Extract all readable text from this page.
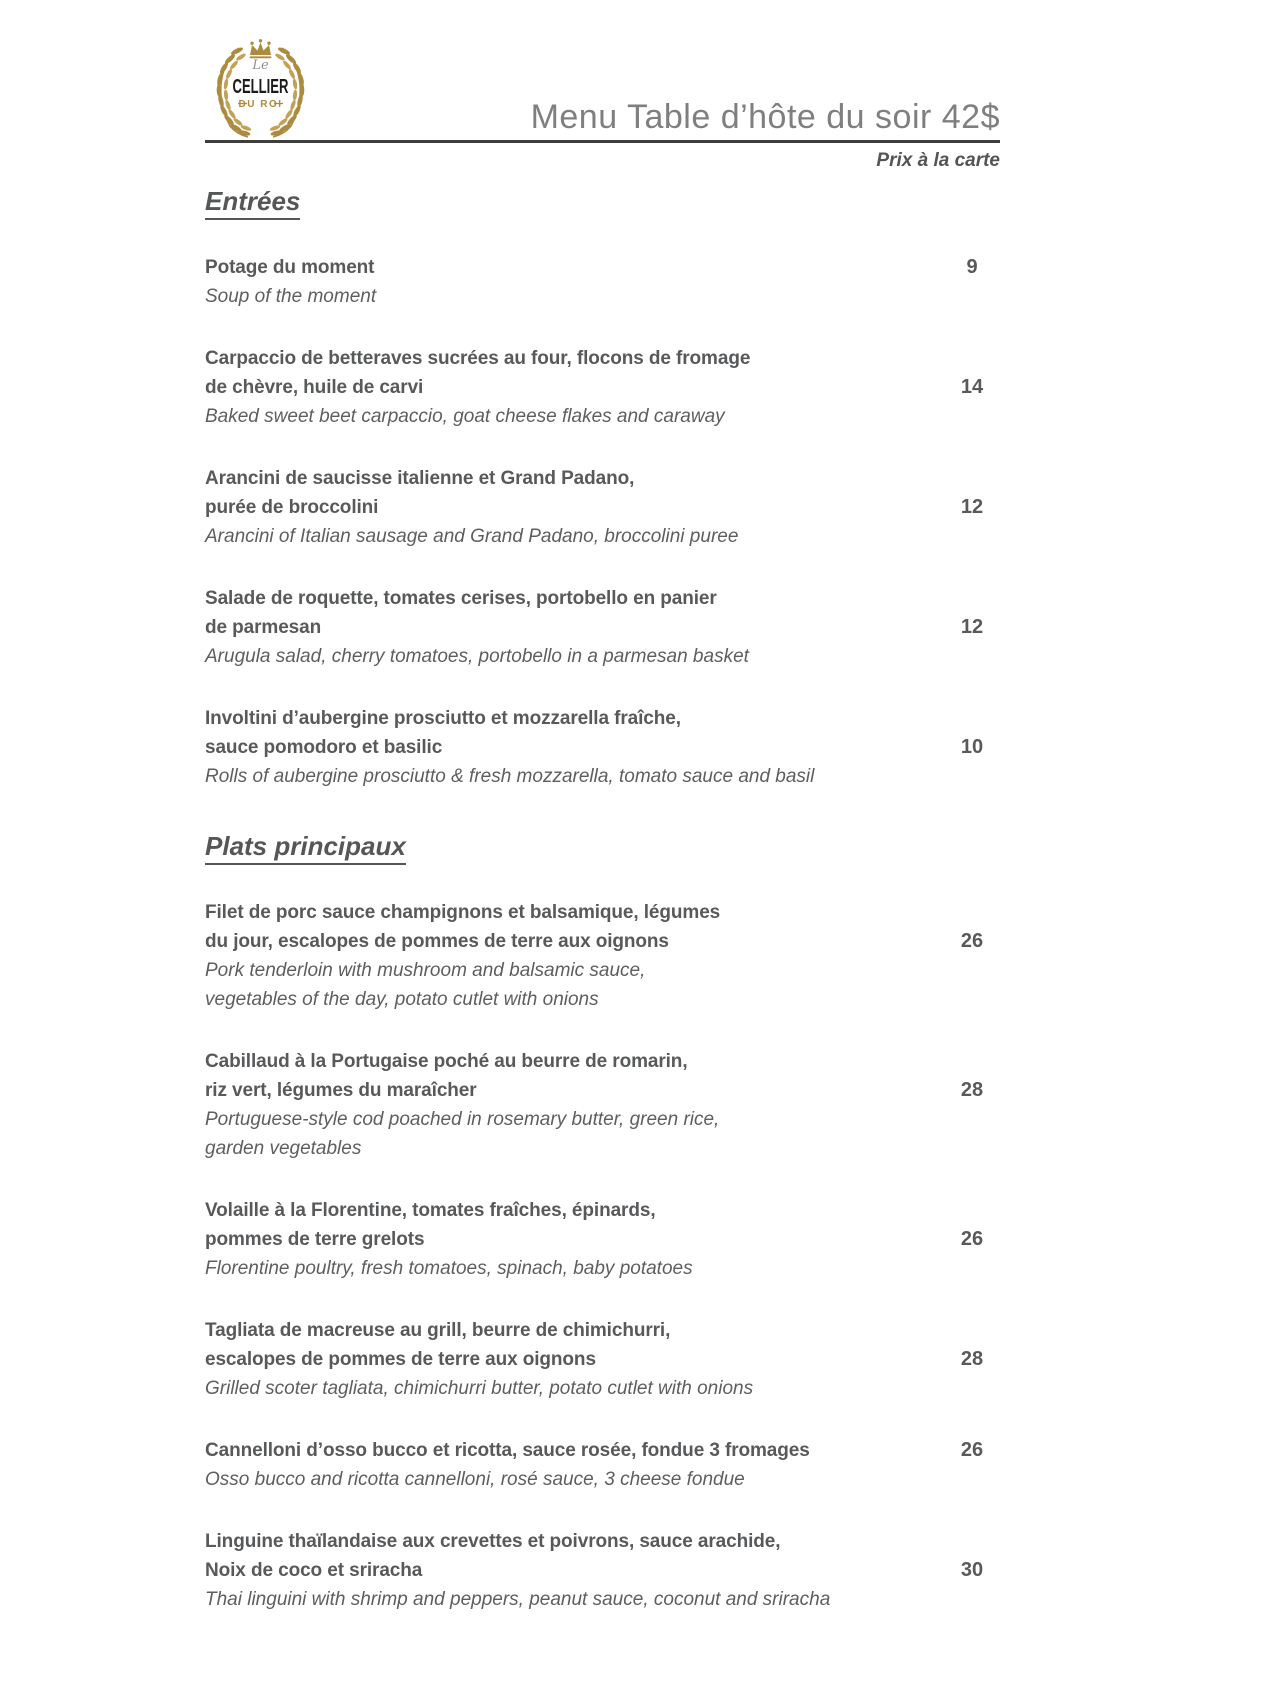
Le
CELLIER
DU ROI	Menu Table d’hôte du soir 42$
Prix à la carte
Entrées
Potage du moment	9
Soup of the moment
Carpaccio de betteraves sucrées au four, flocons de fromage
de chèvre, huile de carvi	14
Baked sweet beet carpaccio, goat cheese flakes and caraway
Arancini de saucisse italienne et Grand Padano,
purée de broccolini	12
Arancini of Italian sausage and Grand Padano, broccolini puree
Salade de roquette, tomates cerises, portobello en panier
de parmesan	12
Arugula salad, cherry tomatoes, portobello in a parmesan basket
Involtini d’aubergine prosciutto et mozzarella fraîche,
sauce pomodoro et basilic	10
Rolls of aubergine prosciutto & fresh mozzarella, tomato sauce and basil
Plats principaux
Filet de porc sauce champignons et balsamique, légumes
du jour, escalopes de pommes de terre aux oignons	26
Pork tenderloin with mushroom and balsamic sauce,
vegetables of the day, potato cutlet with onions
Cabillaud à la Portugaise poché au beurre de romarin,
riz vert, légumes du maraîcher	28
Portuguese-style cod poached in rosemary butter, green rice,
garden vegetables
Volaille à la Florentine, tomates fraîches, épinards,
pommes de terre grelots	26
Florentine poultry, fresh tomatoes, spinach, baby potatoes
Tagliata de macreuse au grill, beurre de chimichurri,
escalopes de pommes de terre aux oignons	28
Grilled scoter tagliata, chimichurri butter, potato cutlet with onions
Cannelloni d’osso bucco et ricotta, sauce rosée, fondue 3 fromages	26
Osso bucco and ricotta cannelloni, rosé sauce, 3 cheese fondue
Linguine thaïlandaise aux crevettes et poivrons, sauce arachide,
Noix de coco et sriracha	30
Thai linguini with shrimp and peppers, peanut sauce, coconut and sriracha
